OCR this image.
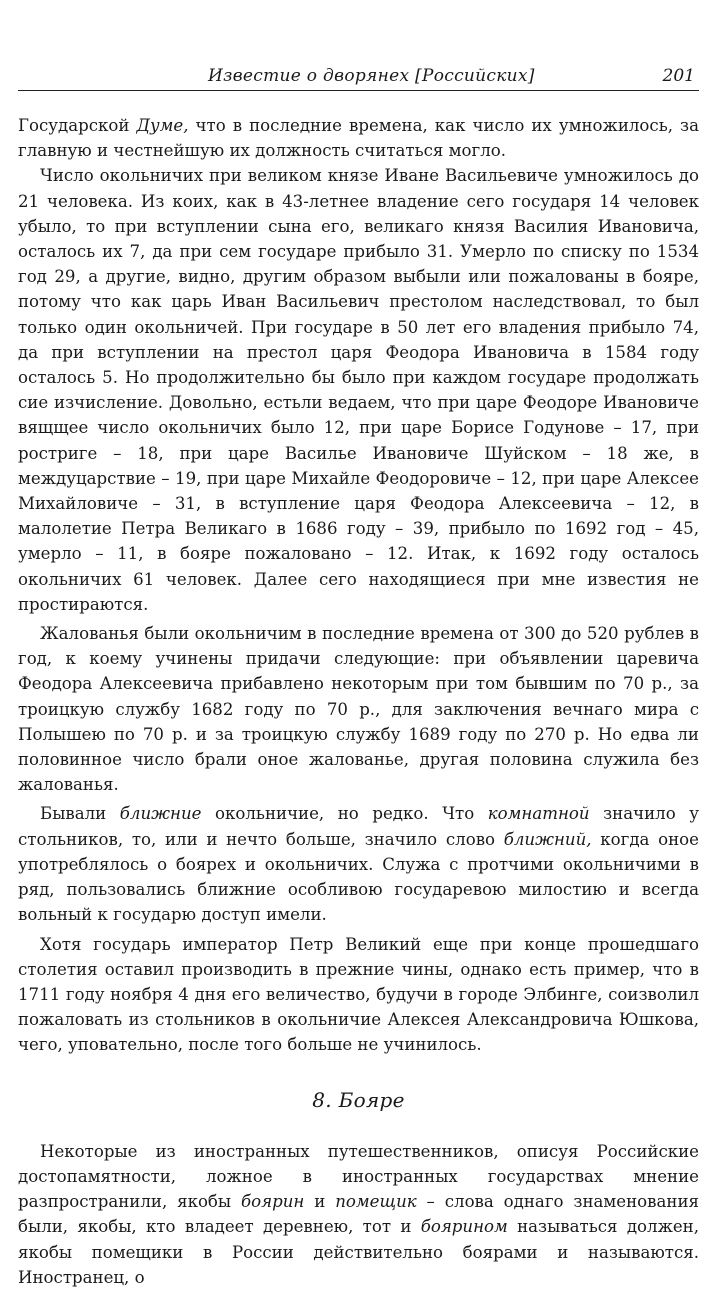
Известие о дворянех [Российских]	201

Государской Думе, что в последние времена, как число их умножилось, за главную и честнейшую их должность считаться могло.

Число окольничих при великом князе Иване Васильевиче умножилось до 21 человека. Из коих, как в 43-летнее владение сего государя 14 человек убыло, то при вступлении сына его, великаго князя Василия Ивановича, осталось их 7, да при сем государе прибыло 31. Умерло по списку по 1534 год 29, а другие, видно, другим образом выбыли или пожалованы в бояре, потому что как царь Иван Васильевич престолом наследствовал, то был только один окольничей. При государе в 50 лет его владения прибыло 74, да при вступлении на престол царя Феодора Ивановича в 1584 году осталось 5. Но продолжительно бы было при каждом государе продолжать сие изчисление. Довольно, естьли ведаем, что при царе Феодоре Ивановиче вящщее число окольничих было 12, при царе Борисе Годунове – 17, при ростриге – 18, при царе Василье Ивановиче Шуйском – 18 же, в междуцарствие – 19, при царе Михайле Феодоровиче – 12, при царе Алексее Михайловиче – 31, в вступление царя Феодора Алексеевича – 12, в малолетие Петра Великаго в 1686 году – 39, прибыло по 1692 год – 45, умерло – 11, в бояре пожаловано – 12. Итак, к 1692 году осталось окольничих 61 человек. Далее сего находящиеся при мне известия не простираются.

Жалованья были окольничим в последние времена от 300 до 520 рублев в год, к коему учинены придачи следующие: при объявлении царевича Феодора Алексеевича прибавлено некоторым при том бывшим по 70 р., за троицкую службу 1682 году по 70 р., для заключения вечнаго мира с Полышею по 70 р. и за троицкую службу 1689 году по 270 р. Но едва ли половинное число брали оное жалованье, другая половина служила без жалованья.

Бывали ближние окольничие, но редко. Что комнатной значило у стольников, то, или и нечто больше, значило слово ближний, когда оное употреблялось о боярех и окольничих. Служа с протчими окольничими в ряд, пользовались ближние особливою государевою милостию и всегда вольный к государю доступ имели.

Хотя государь император Петр Великий еще при конце прошедшаго столетия оставил производить в прежние чины, однако есть пример, что в 1711 году ноября 4 дня его величество, будучи в городе Элбинге, соизволил пожаловать из стольников в окольничие Алексея Александровича Юшкова, чего, уповательно, после того больше не учинилось.

8. Бояре

Некоторые из иностранных путешественников, описуя Российские достопамятности, ложное в иностранных государствах мнение разпространили, якобы боярин и помещик – слова однаго знаменования были, якобы, кто владеет деревнею, тот и боярином называться должен, якобы помещики в России действительно боярами и называются. Иностранец, о
